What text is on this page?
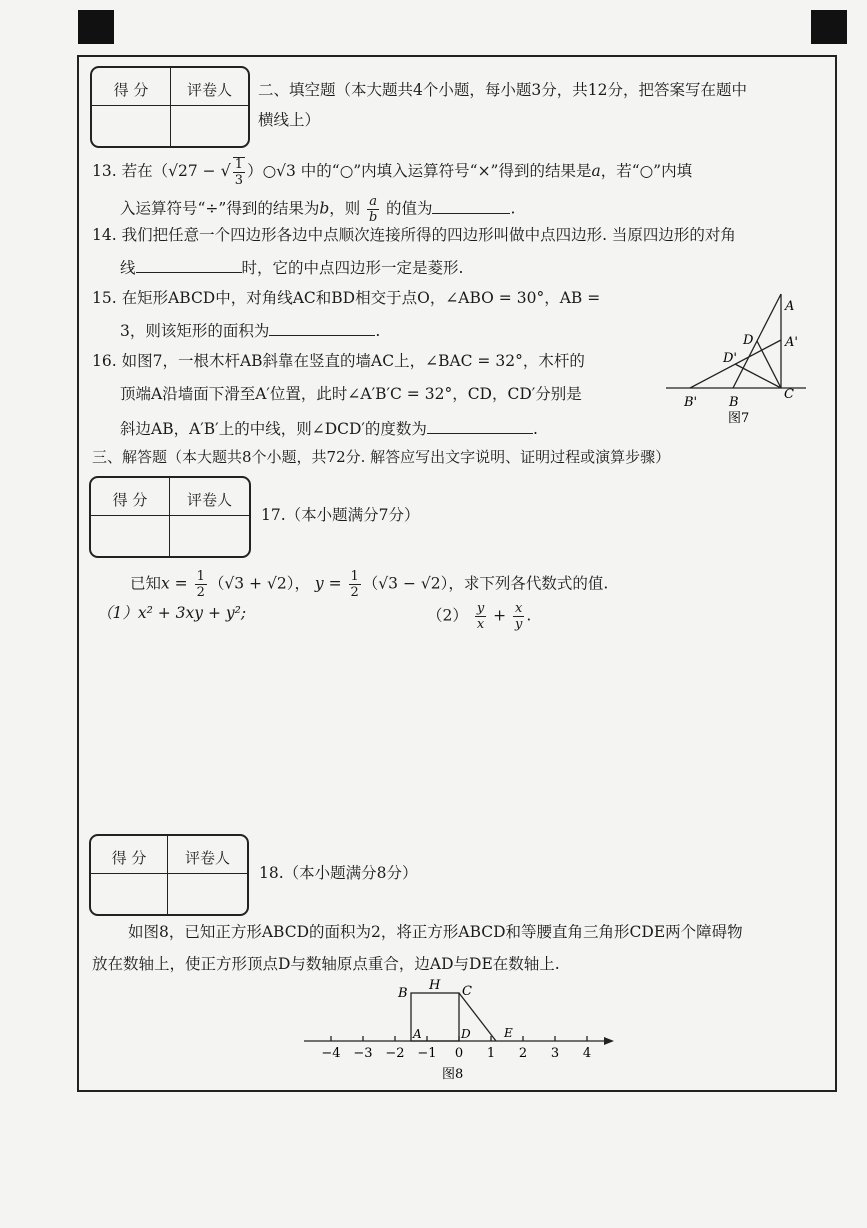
得 分	评卷人	二、填空题（本大题共4个小题，每小题3分，共12分，把答案写在题中
横线上）
13. 若在（√27 − √ $\frac{1}{3}$ ）○√3 中的“○”内填入运算符号“×”得到的结果是a，若“○”内填
入运算符号“÷”得到的结果为b，则 $\frac{a}{b}$ 的值为	.
14. 我们把任意一个四边形各边中点顺次连接所得的四边形叫做中点四边形. 当原四边形的对角
线	时，它的中点四边形一定是菱形.
15. 在矩形ABCD中，对角线AC和BD相交于点O，∠ABO = 30°，AB =
3，则该矩形的面积为	.
16. 如图7，一根木杆AB斜靠在竖直的墙AC上，∠BAC = 32°，木杆的
顶端A沿墙面下滑至A′位置，此时∠A′B′C = 32°，CD，CD′分别是
斜边AB，A′B′上的中线，则∠DCD′的度数为	.
A
D A'
D'
B' B
C
图7
三、解答题（本大题共8个小题，共72分. 解答应写出文字说明、证明过程或演算步骤）
得 分	评卷人
17.（本小题满分7分）
已知$x = \frac{1}{2} (√3 + √2)$， $y = \frac{1}{2} (√3 - √2)$，求下列各代数式的值.
（1）x² + 3xy + y²;	$(2) \frac{y}{x} + \frac{x}{y}$ .
得 分	评卷人
18.（本小题满分8分）
如图8，已知正方形ABCD的面积为2，将正方形ABCD和等腰直角三角形CDE两个障碍物
放在数轴上，使正方形顶点D与数轴原点重合，边AD与DE在数轴上.
−4 −3 −2 −1 0 1 2 3 4
B
H C
A	D	E
图8
